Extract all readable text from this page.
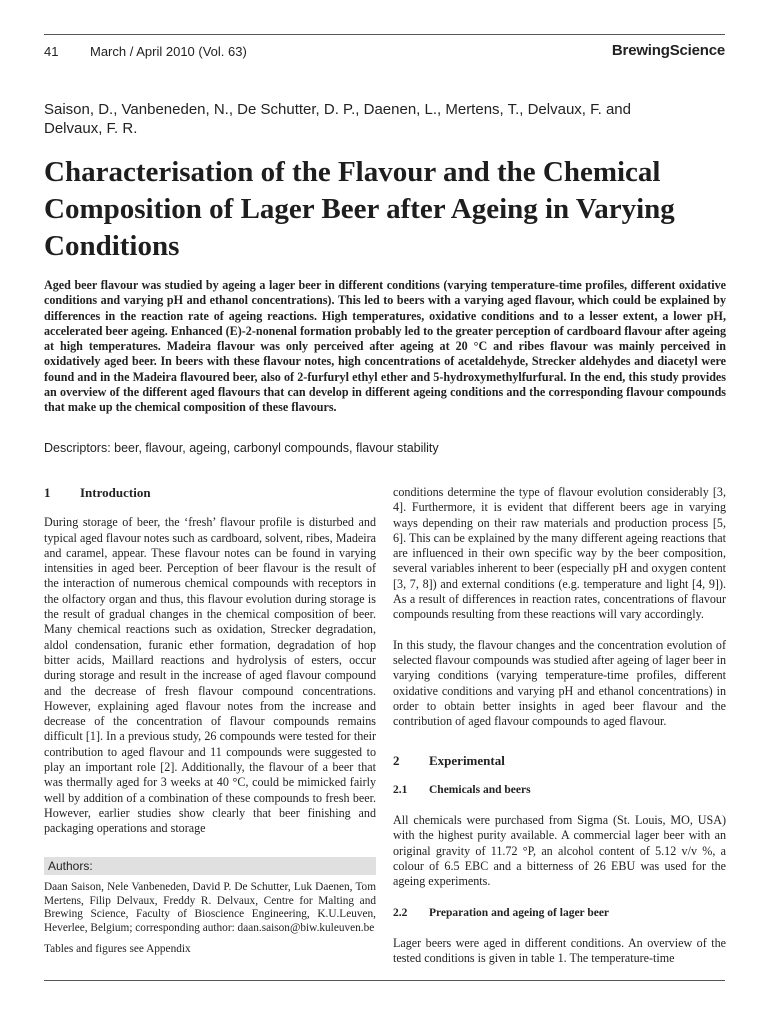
41 March / April 2010 (Vol. 63)	BrewingScience
Saison, D., Vanbeneden, N., De Schutter, D. P., Daenen, L., Mertens, T., Delvaux, F. and Delvaux, F. R.
Characterisation of the Flavour and the Chemical Composition of Lager Beer after Ageing in Varying Conditions

Aged beer flavour was studied by ageing a lager beer in different conditions (varying temperature-time profiles, different oxidative conditions and varying pH and ethanol concentrations). This led to beers with a varying aged flavour, which could be explained by differences in the reaction rate of ageing reactions. High temperatures, oxidative conditions and to a lesser extent, a lower pH, accelerated beer ageing. Enhanced (E)-2-nonenal formation probably led to the greater perception of cardboard flavour after ageing at high temperatures. Madeira flavour was only perceived after ageing at 20 °C and ribes flavour was mainly perceived in oxidatively aged beer. In beers with these flavour notes, high concentrations of acetaldehyde, Strecker aldehydes and diacetyl were found and in the Madeira flavoured beer, also of 2-furfuryl ethyl ether and 5-hydroxymethylfurfural. In the end, this study provides an overview of the different aged flavours that can develop in different ageing conditions and the corresponding flavour compounds that make up the chemical composition of these flavours.

Descriptors: beer, flavour, ageing, carbonyl compounds, flavour stability

1 Introduction

During storage of beer, the ‘fresh’ flavour profile is disturbed and typical aged flavour notes such as cardboard, solvent, ribes, Madeira and caramel, appear. These flavour notes can be found in varying intensities in aged beer. Perception of beer flavour is the result of the interaction of numerous chemical compounds with receptors in the olfactory organ and thus, this flavour evolution during storage is the result of gradual changes in the chemical composition of beer. Many chemical reactions such as oxidation, Strecker degradation, aldol condensation, furanic ether formation, degradation of hop bitter acids, Maillard reactions and hydrolysis of esters, occur during storage and result in the increase of aged flavour compound and the decrease of fresh flavour compound concentrations. However, explaining aged flavour notes from the increase and decrease of the concentration of flavour compounds remains difficult [1]. In a previous study, 26 compounds were tested for their contribution to aged flavour and 11 compounds were suggested to play an important role [2]. Additionally, the flavour of a beer that was thermally aged for 3 weeks at 40 °C, could be mimicked fairly well by addition of a combination of these compounds to fresh beer. However, earlier studies show clearly that beer finishing and packaging operations and storage

conditions determine the type of flavour evolution considerably [3, 4]. Furthermore, it is evident that different beers age in varying ways depending on their raw materials and production process [5, 6]. This can be explained by the many different ageing reactions that are influenced in their own specific way by the beer composition, several variables inherent to beer (especially pH and oxygen content [3, 7, 8]) and external conditions (e.g. temperature and light [4, 9]). As a result of differences in reaction rates, concentrations of flavour compounds resulting from these reactions will vary accordingly.

In this study, the flavour changes and the concentration evolution of selected flavour compounds was studied after ageing of lager beer in varying conditions (varying temperature-time profiles, different oxidative conditions and varying pH and ethanol concentrations) in order to obtain better insights in aged beer flavour and the contribution of aged flavour compounds to aged flavour.

2 Experimental

2.1 Chemicals and beers

All chemicals were purchased from Sigma (St. Louis, MO, USA) with the highest purity available. A commercial lager beer with an original gravity of 11.72 °P, an alcohol content of 5.12 v/v %, a colour of 6.5 EBC and a bitterness of 26 EBU was used for the ageing experiments.

2.2 Preparation and ageing of lager beer

Lager beers were aged in different conditions. An overview of the tested conditions is given in table 1. The temperature-time

Authors:
Daan Saison, Nele Vanbeneden, David P. De Schutter, Luk Daenen, Tom Mertens, Filip Delvaux, Freddy R. Delvaux, Centre for Malting and Brewing Science, Faculty of Bioscience Engineering, K.U.Leuven, Heverlee, Belgium; corresponding author: daan.saison@biw.kuleuven.be
Tables and figures see Appendix
